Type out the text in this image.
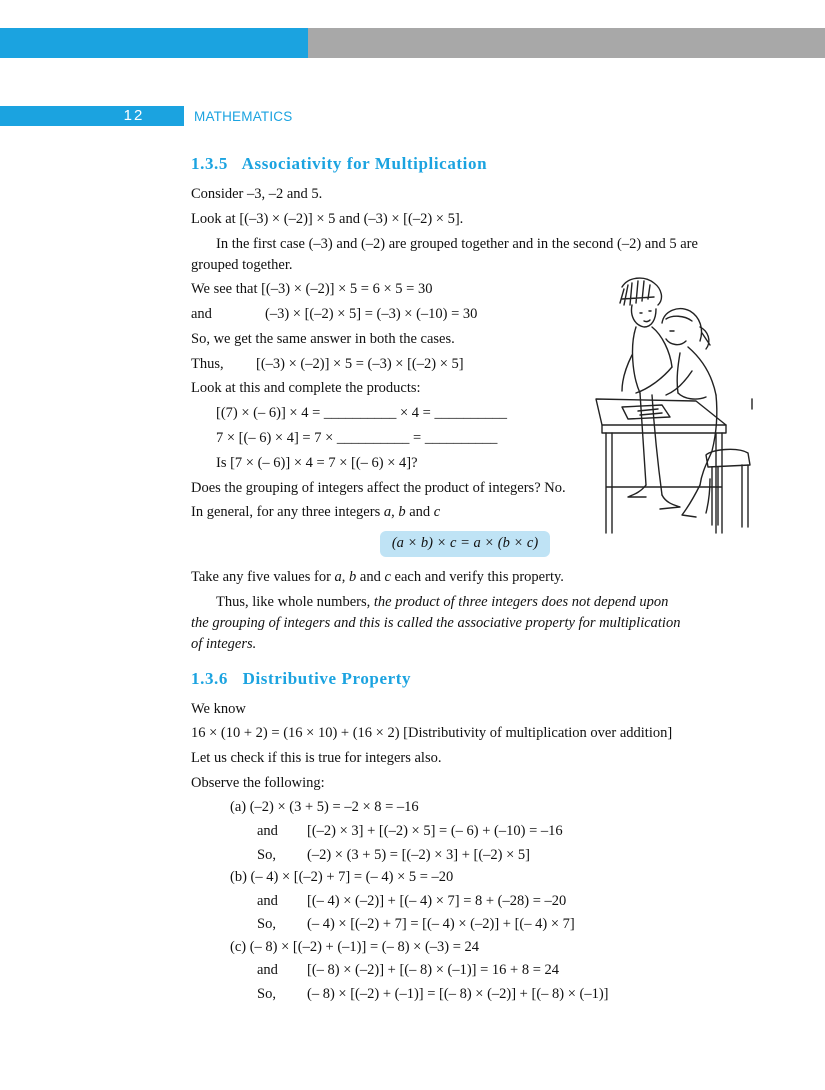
12	MATHEMATICS
1.3.5 Associativity for Multiplication
Consider –3, –2 and 5.
Look at [(–3) × (–2)] × 5 and (–3) × [(–2) × 5].
In the first case (–3) and (–2) are grouped together and in the second (–2) and 5 are
grouped together.
We see that [(–3) × (–2)] × 5 = 6 × 5 = 30
and	(–3) × [(–2) × 5] = (–3) × (–10) = 30
So, we get the same answer in both the cases.
Thus, [(–3) × (–2)] × 5 = (–3) × [(–2) × 5]
Look at this and complete the products:
[(7) × (– 6)] × 4 = __________ × 4 = __________
7 × [(– 6) × 4] = 7 × __________ = __________
Is [7 × (– 6)] × 4 = 7 × [(– 6) × 4]?
Does the grouping of integers affect the product of integers? No.
In general, for any three integers a, b and c
(a × b) × c = a × (b × c)
Take any five values for a, b and c each and verify this property.
Thus, like whole numbers, the product of three integers does not depend upon
the grouping of integers and this is called the associative property for multiplication
of integers.
1.3.6 Distributive Property
We know
16 × (10 + 2) = (16 × 10) + (16 × 2) [Distributivity of multiplication over addition]
Let us check if this is true for integers also.
Observe the following:
(a) (–2) × (3 + 5) = –2 × 8 = –16
and [(–2) × 3] + [(–2) × 5] = (– 6) + (–10) = –16
So, (–2) × (3 + 5) = [(–2) × 3] + [(–2) × 5]
(b) (– 4) × [(–2) + 7] = (– 4) × 5 = –20
and [(– 4) × (–2)] + [(– 4) × 7] = 8 + (–28) = –20
So, (– 4) × [(–2) + 7] = [(– 4) × (–2)] + [(– 4) × 7]
(c) (– 8) × [(–2) + (–1)] = (– 8) × (–3) = 24
and [(– 8) × (–2)] + [(– 8) × (–1)] = 16 + 8 = 24
So, (– 8) × [(–2) + (–1)] = [(– 8) × (–2)] + [(– 8) × (–1)]
